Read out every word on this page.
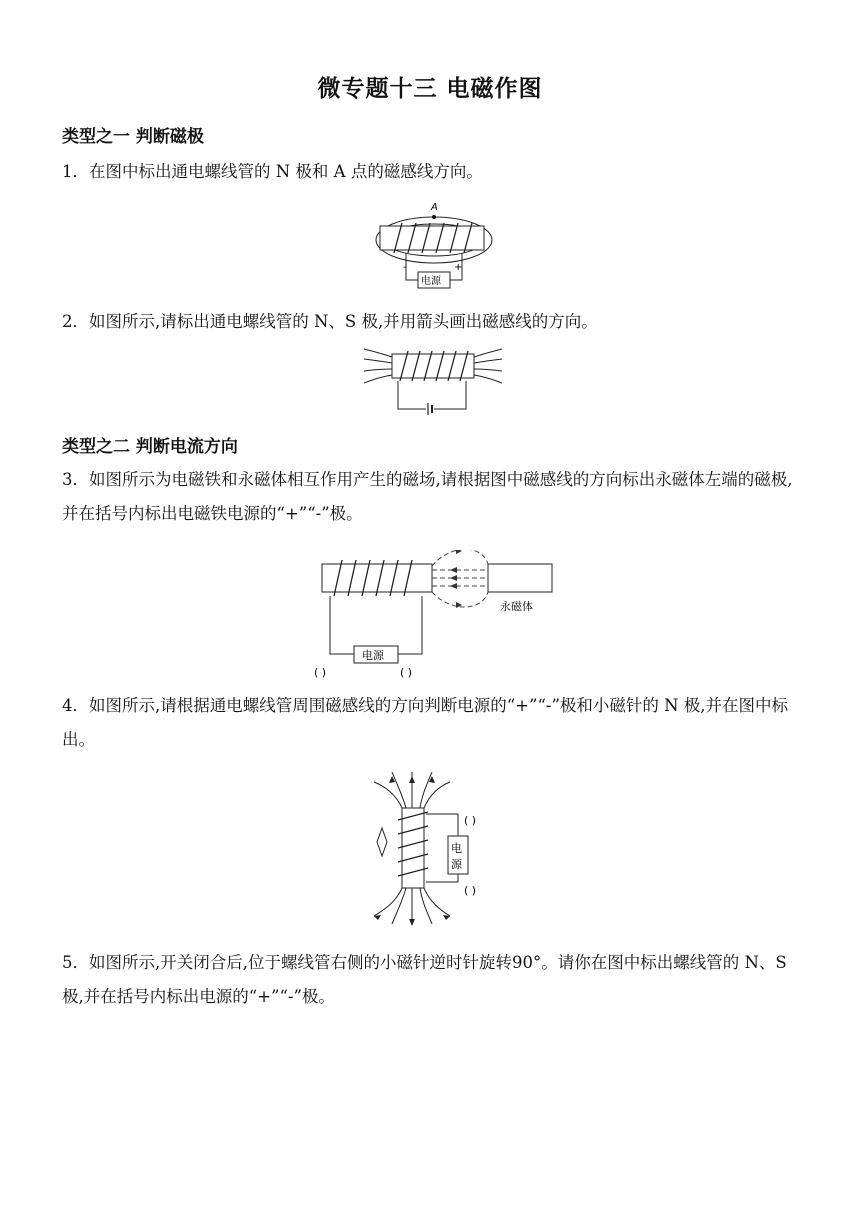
微专题十三 电磁作图
类型之一 判断磁极
1．在图中标出通电螺线管的 N 极和 A 点的磁感线方向。
A
电源
-	+
2．如图所示,请标出通电螺线管的 N、S 极,并用箭头画出磁感线的方向。
类型之二 判断电流方向
3．如图所示为电磁铁和永磁体相互作用产生的磁场,请根据图中磁感线的方向标出永磁体左端的磁极,并在括号内标出电磁铁电源的“+”“-”极。
永磁体
电源
( )	( )
4．如图所示,请根据通电螺线管周围磁感线的方向判断电源的“+”“-”极和小磁针的 N 极,并在图中标出。
电
源
( )
( )
5．如图所示,开关闭合后,位于螺线管右侧的小磁针逆时针旋转90°。请你在图中标出螺线管的 N、S 极,并在括号内标出电源的“+”“-”极。
